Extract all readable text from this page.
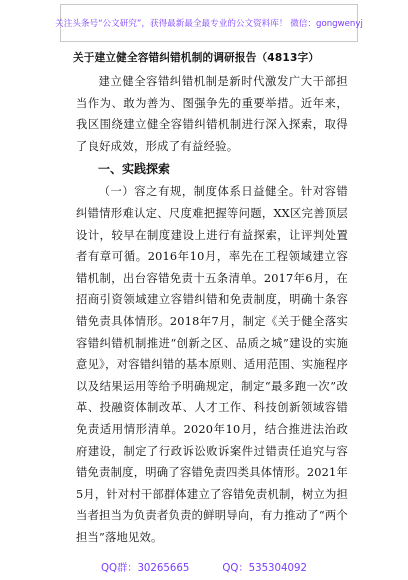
关注头条号“公文研究”，获得最新最全最专业的公文资料库！ 微信：gongwenyj
关于建立健全容错纠错机制的调研报告（4813字）

建立健全容错纠错机制是新时代激发广大干部担当作为、敢为善为、图强争先的重要举措。近年来，我区围绕建立健全容错纠错机制进行深入探索，取得了良好成效，形成了有益经验。

一、实践探索

（一）容之有规，制度体系日益健全。针对容错纠错情形难认定、尺度难把握等问题，XX区完善顶层设计，较早在制度建设上进行有益探索，让评判处置者有章可循。2016年10月，率先在工程领域建立容错机制，出台容错免责十五条清单。2017年6月，在招商引资领域建立容错纠错和免责制度，明确十条容错免责具体情形。2018年7月，制定《关于健全落实容错纠错机制推进“创新之区、品质之城”建设的实施意见》，对容错纠错的基本原则、适用范围、实施程序以及结果运用等给予明确规定，制定“最多跑一次”改革、投融资体制改革、人才工作、科技创新领域容错免责适用情形清单。2020年10月，结合推进法治政府建设，制定了行政诉讼败诉案件过错责任追究与容错免责制度，明确了容错免责四类具体情形。2021年5月，针对村干部群体建立了容错免责机制，树立为担当者担当为负责者负责的鲜明导向，有力推动了“两个担当”落地见效。

QQ群：30265665	QQ：535304092
